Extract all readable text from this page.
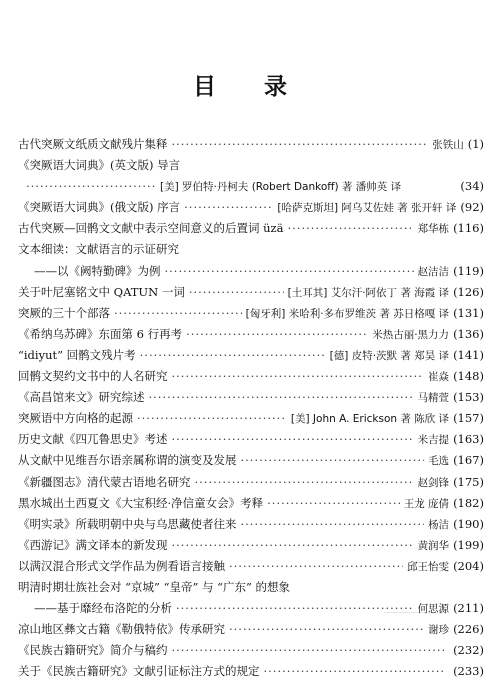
目 录
古代突厥文纸质文献残片集释 ·····	张铁山 (1)
《突厥语大词典》(英文版) 导言
·····
[美] 罗伯特·丹柯夫 (Robert Dankoff) 著 潘帅英 译	(34)
《突厥语大词典》(俄文版) 序言 ·····	[哈萨克斯坦] 阿乌艾佐娃 著 张开轩 译 (92)
古代突厥—回鹘文文献中表示空间意义的后置词 üzä ·····	郑华栋 (116)
文本细读：文献语言的示证研究
——以《阙特勤碑》为例 ·····	赵洁洁 (119)
关于叶尼塞铭文中 QATUN 一词 ·····	[土耳其] 艾尔汗·阿依丁 著 海霞 译 (126)
突厥的三十个部落 ·····	[匈牙利] 米哈利·多布罗维茨 著 苏日格嘎 译 (131)
《希纳乌苏碑》东面第 6 行再考 ·····	米热古丽·黑力力 (136)
“idiyut” 回鹘文残片考 ·····	[德] 皮特·茨默 著 郑昊 译 (141)
回鹘文契约文书中的人名研究 ·····	崔焱 (148)
《高昌馆来文》研究综述 ·····	马精萱 (153)
突厥语中方向格的起源 ·····	[美] John A. Erickson 著 陈欣 译 (157)
历史文献《四兀鲁思史》考述 ·····	米吉提 (163)
从文献中见维吾尔语亲属称谓的演变及发展 ·····	毛选 (167)
《新疆图志》清代蒙古语地名研究 ·····	赵剑锋 (175)
黑水城出土西夏文《大宝积经·净信童女会》考释 ·····	王龙 庞倩 (182)
《明实录》所载明朝中央与乌思藏使者往来 ·····	杨洁 (190)
《西游记》满文译本的新发现 ·····	黄润华 (199)
以满汉混合形式文学作品为例看语言接触 ·····	邱王怡雯 (204)
明清时期壮族社会对 “京城” “皇帝” 与 “广东” 的想象
——基于靡经布洛陀的分析 ·····	何思源 (211)
凉山地区彝文古籍《勒俄特依》传承研究 ·····	谢珍 (226)
《民族古籍研究》简介与稿约 ·····	(232)
关于《民族古籍研究》文献引证标注方式的规定 ·····	(233)
